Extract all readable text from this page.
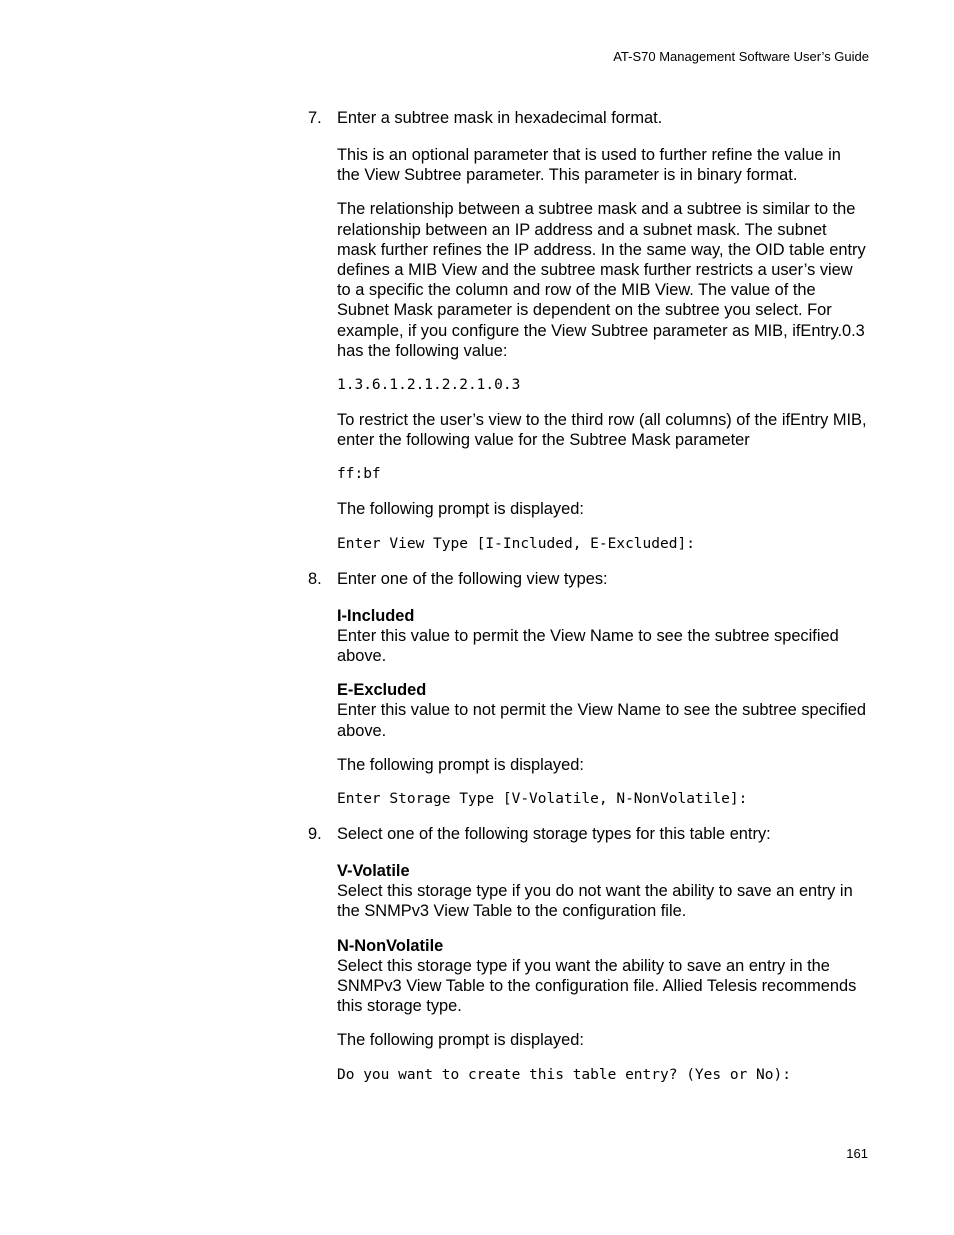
AT-S70 Management Software User’s Guide
7. Enter a subtree mask in hexadecimal format.
This is an optional parameter that is used to further refine the value in the View Subtree parameter. This parameter is in binary format.
The relationship between a subtree mask and a subtree is similar to the relationship between an IP address and a subnet mask. The subnet mask further refines the IP address. In the same way, the OID table entry defines a MIB View and the subtree mask further restricts a user’s view to a specific the column and row of the MIB View. The value of the Subnet Mask parameter is dependent on the subtree you select. For example, if you configure the View Subtree parameter as MIB, ifEntry.0.3 has the following value:
1.3.6.1.2.1.2.2.1.0.3
To restrict the user’s view to the third row (all columns) of the ifEntry MIB, enter the following value for the Subtree Mask parameter
ff:bf
The following prompt is displayed:
Enter View Type [I-Included, E-Excluded]:
8. Enter one of the following view types:
I-Included
Enter this value to permit the View Name to see the subtree specified above.
E-Excluded
Enter this value to not permit the View Name to see the subtree specified above.
The following prompt is displayed:
Enter Storage Type [V-Volatile, N-NonVolatile]:
9. Select one of the following storage types for this table entry:
V-Volatile
Select this storage type if you do not want the ability to save an entry in the SNMPv3 View Table to the configuration file.
N-NonVolatile
Select this storage type if you want the ability to save an entry in the SNMPv3 View Table to the configuration file. Allied Telesis recommends this storage type.
The following prompt is displayed:
Do you want to create this table entry? (Yes or No):
161
